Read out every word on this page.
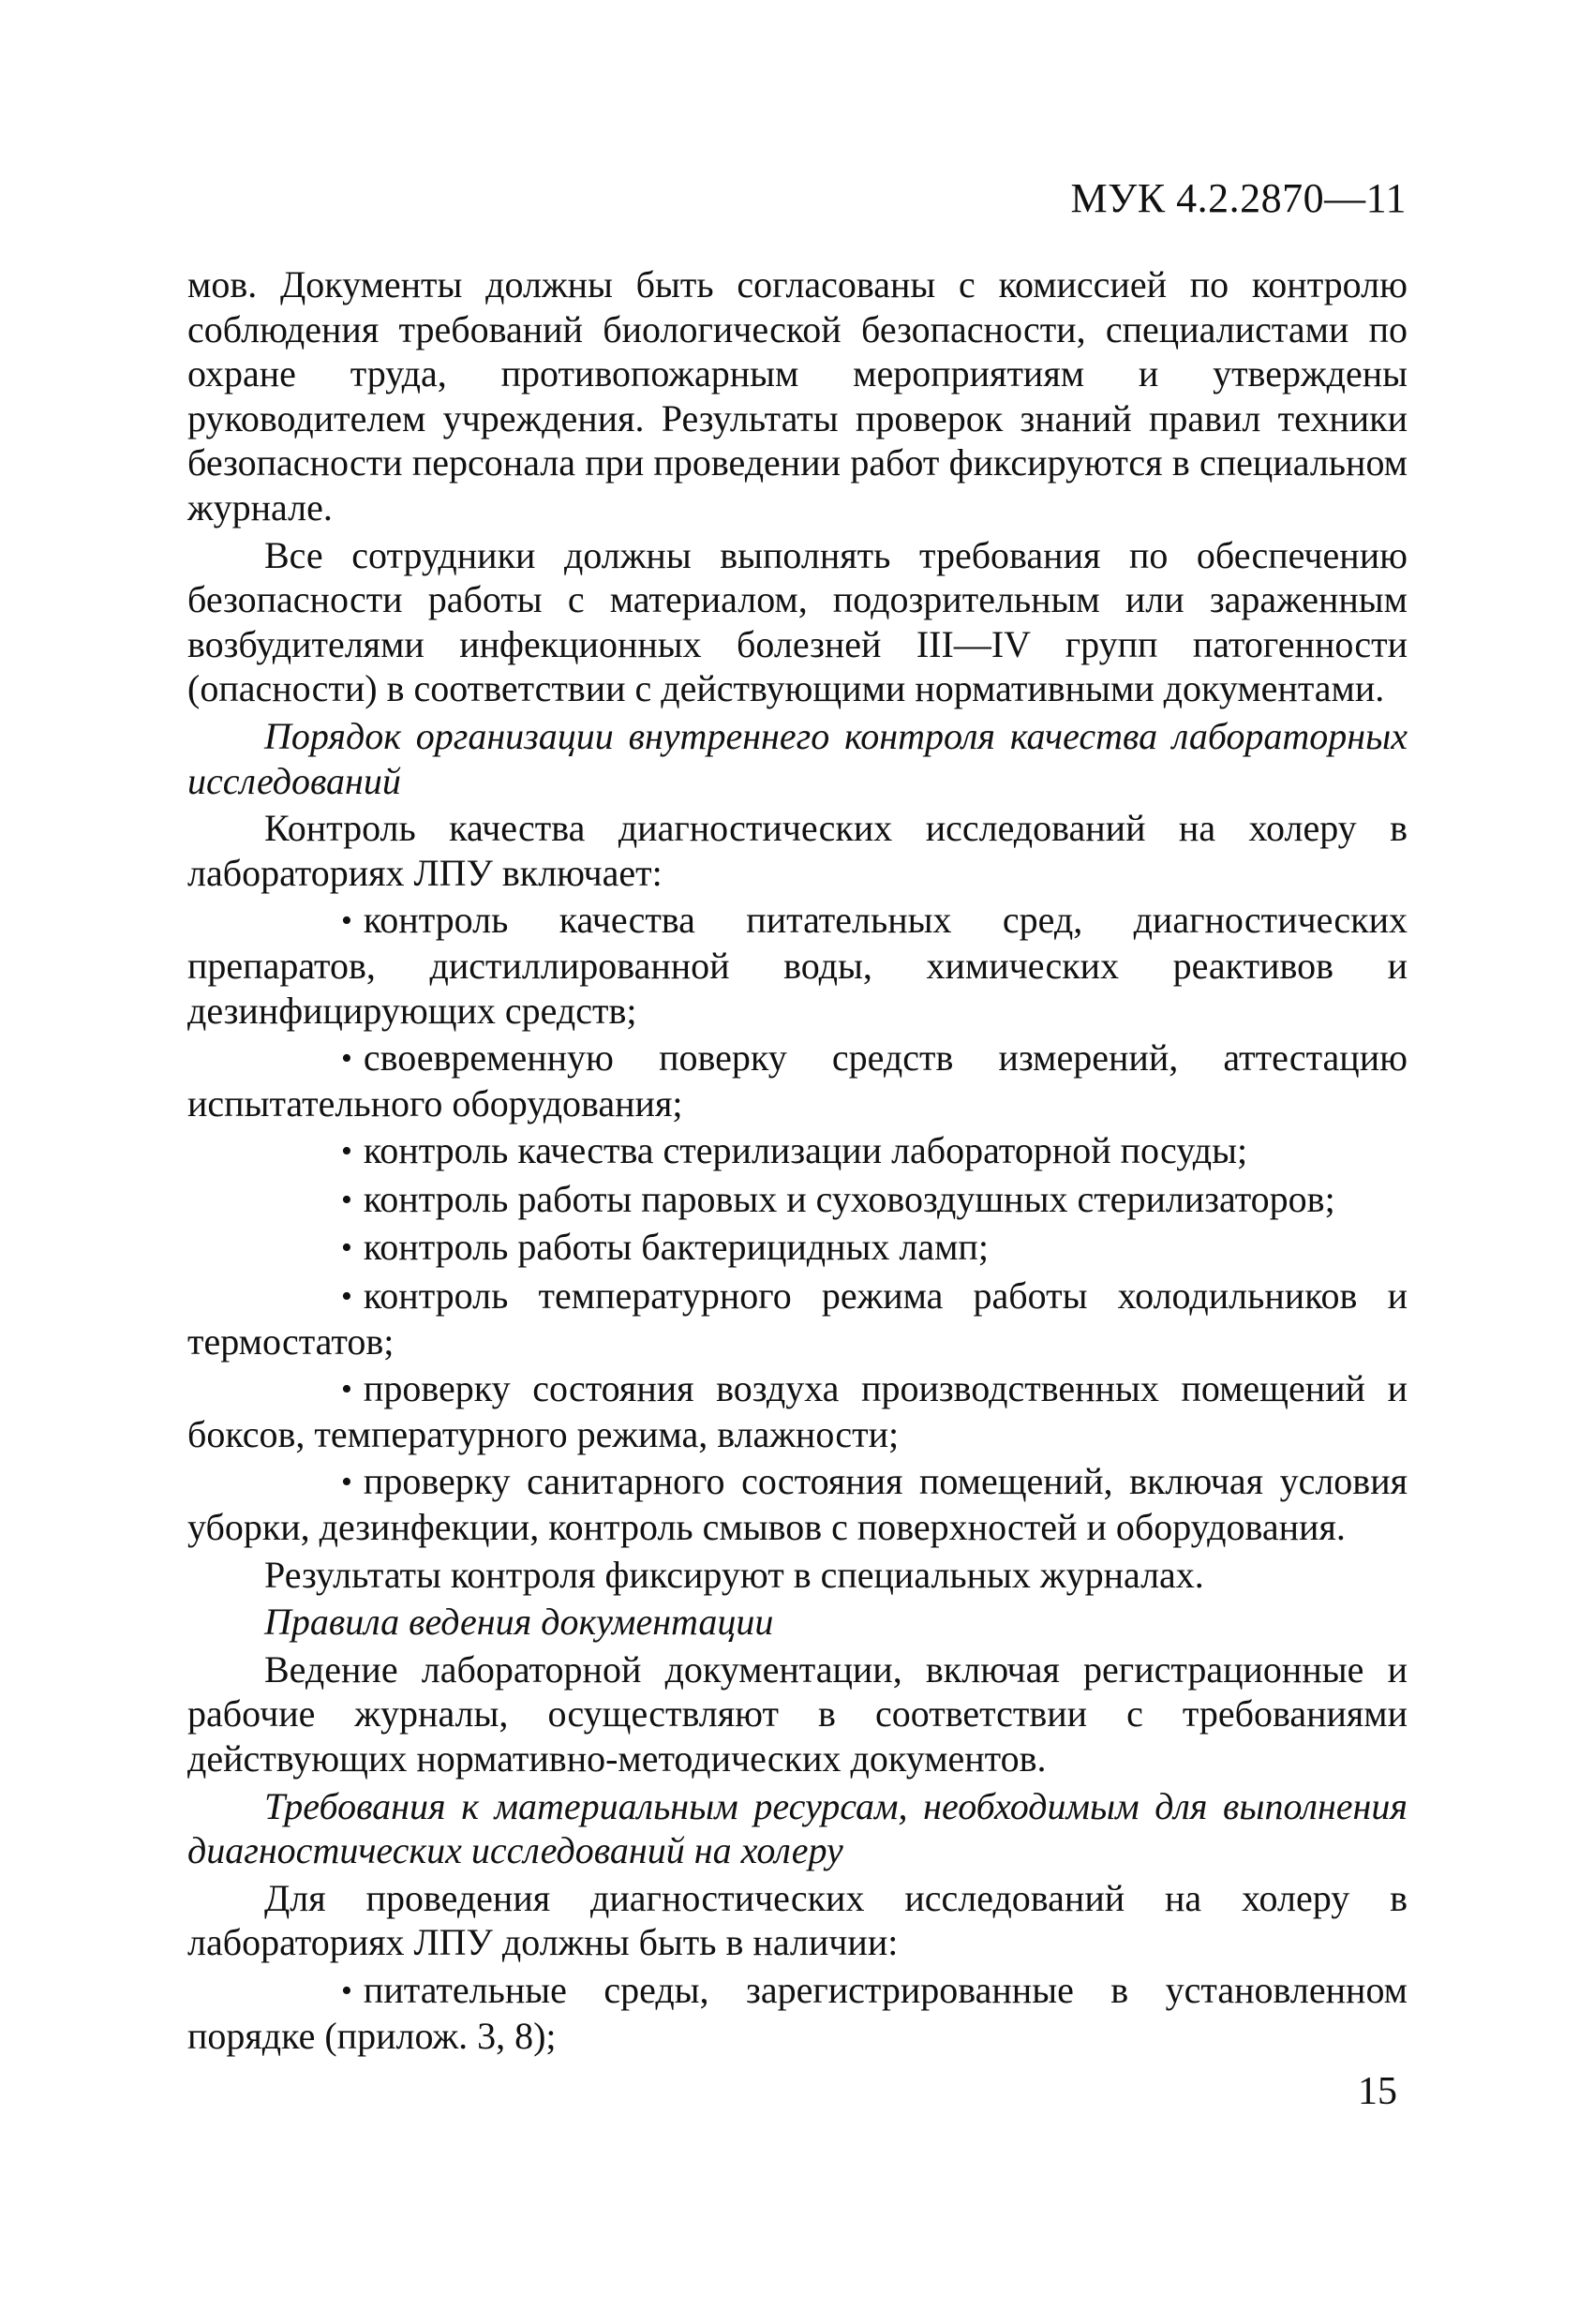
МУК 4.2.2870—11

мов. Документы должны быть согласованы с комиссией по контролю соблюдения требований биологической безопасности, специалистами по охране труда, противопожарным мероприятиям и утверждены руководителем учреждения. Результаты проверок знаний правил техники безопасности персонала при проведении работ фиксируются в специальном журнале.

Все сотрудники должны выполнять требования по обеспечению безопасности работы с материалом, подозрительным или зараженным возбудителями инфекционных болезней III—IV групп патогенности (опасности) в соответствии с действующими нормативными документами.

Порядок организации внутреннего контроля качества лабораторных исследований

Контроль качества диагностических исследований на холеру в лабораториях ЛПУ включает:

• контроль качества питательных сред, диагностических препаратов, дистиллированной воды, химических реактивов и дезинфицирующих средств;

• своевременную поверку средств измерений, аттестацию испытательного оборудования;

• контроль качества стерилизации лабораторной посуды;

• контроль работы паровых и суховоздушных стерилизаторов;

• контроль работы бактерицидных ламп;

• контроль температурного режима работы холодильников и термостатов;

• проверку состояния воздуха производственных помещений и боксов, температурного режима, влажности;

• проверку санитарного состояния помещений, включая условия уборки, дезинфекции, контроль смывов с поверхностей и оборудования.

Результаты контроля фиксируют в специальных журналах.

Правила ведения документации

Ведение лабораторной документации, включая регистрационные и рабочие журналы, осуществляют в соответствии с требованиями действующих нормативно-методических документов.

Требования к материальным ресурсам, необходимым для выполнения диагностических исследований на холеру

Для проведения диагностических исследований на холеру в лабораториях ЛПУ должны быть в наличии:

• питательные среды, зарегистрированные в установленном порядке (прилож. 3, 8);

15
